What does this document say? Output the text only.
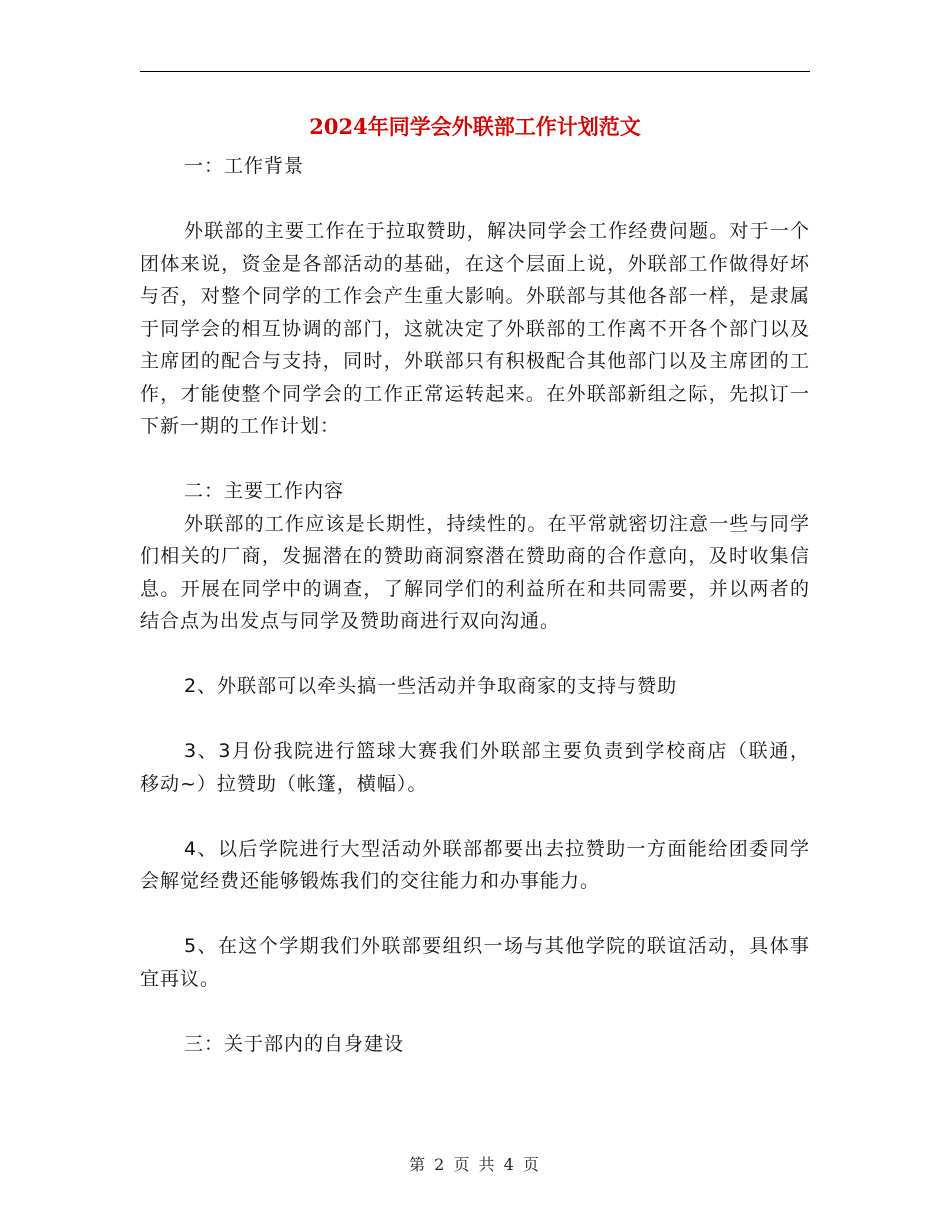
2024年同学会外联部工作计划范文

一：工作背景

外联部的主要工作在于拉取赞助，解决同学会工作经费问题。对于一个团体来说，资金是各部活动的基础，在这个层面上说，外联部工作做得好坏与否，对整个同学的工作会产生重大影响。外联部与其他各部一样，是隶属于同学会的相互协调的部门，这就决定了外联部的工作离不开各个部门以及主席团的配合与支持，同时，外联部只有积极配合其他部门以及主席团的工作，才能使整个同学会的工作正常运转起来。在外联部新组之际，先拟订一下新一期的工作计划：

二：主要工作内容

外联部的工作应该是长期性，持续性的。在平常就密切注意一些与同学们相关的厂商，发掘潜在的赞助商洞察潜在赞助商的合作意向，及时收集信息。开展在同学中的调查，了解同学们的利益所在和共同需要，并以两者的结合点为出发点与同学及赞助商进行双向沟通。

2、外联部可以牵头搞一些活动并争取商家的支持与赞助

3、3月份我院进行篮球大赛我们外联部主要负责到学校商店（联通，移动~）拉赞助（帐篷，横幅）。

4、以后学院进行大型活动外联部都要出去拉赞助一方面能给团委同学会解觉经费还能够锻炼我们的交往能力和办事能力。

5、在这个学期我们外联部要组织一场与其他学院的联谊活动，具体事宜再议。

三：关于部内的自身建设

第 2 页 共 4 页
